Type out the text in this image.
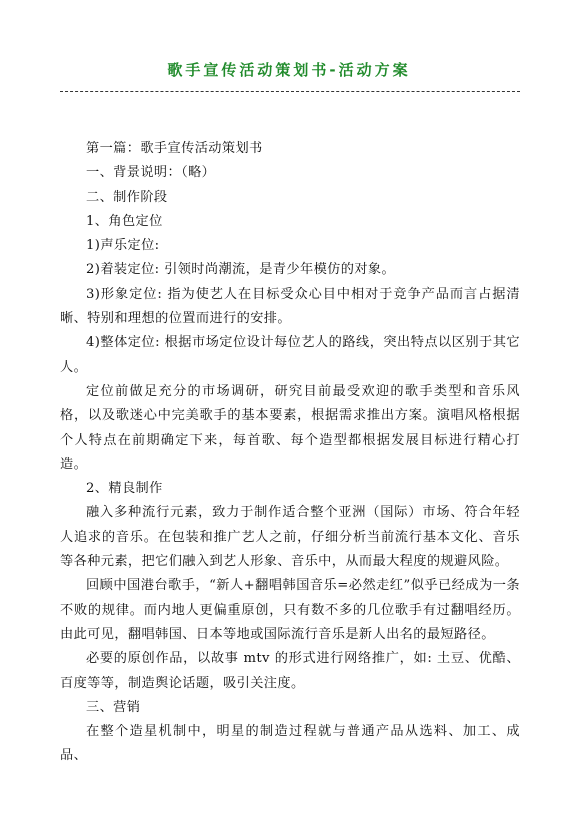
歌手宣传活动策划书-活动方案

第一篇：歌手宣传活动策划书

一、背景说明：（略）

二、制作阶段

1、角色定位

1)声乐定位:

2)着装定位: 引领时尚潮流，是青少年模仿的对象。

3)形象定位: 指为使艺人在目标受众心目中相对于竞争产品而言占据清晰、特别和理想的位置而进行的安排。

4)整体定位: 根据市场定位设计每位艺人的路线，突出特点以区别于其它人。

定位前做足充分的市场调研，研究目前最受欢迎的歌手类型和音乐风格，以及歌迷心中完美歌手的基本要素，根据需求推出方案。演唱风格根据个人特点在前期确定下来，每首歌、每个造型都根据发展目标进行精心打造。

2、精良制作

融入多种流行元素，致力于制作适合整个亚洲（国际）市场、符合年轻人追求的音乐。在包装和推广艺人之前，仔细分析当前流行基本文化、音乐等各种元素，把它们融入到艺人形象、音乐中，从而最大程度的规避风险。

回顾中国港台歌手，“新人+翻唱韩国音乐=必然走红”似乎已经成为一条不败的规律。而内地人更偏重原创，只有数不多的几位歌手有过翻唱经历。由此可见，翻唱韩国、日本等地或国际流行音乐是新人出名的最短路径。

必要的原创作品，以故事 mtv 的形式进行网络推广，如: 土豆、优酷、百度等等，制造舆论话题，吸引关注度。

三、营销

在整个造星机制中，明星的制造过程就与普通产品从选料、加工、成品、
